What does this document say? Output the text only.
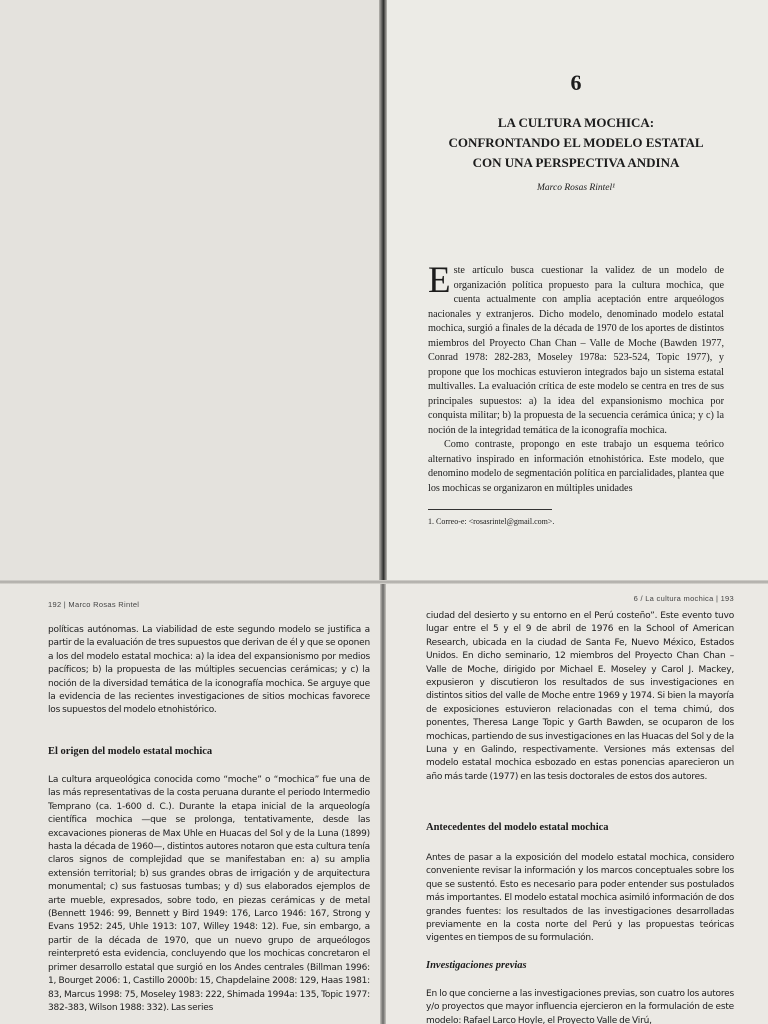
6
LA CULTURA MOCHICA:
CONFRONTANDO EL MODELO ESTATAL
CON UNA PERSPECTIVA ANDINA
Marco Rosas Rintel¹

Este artículo busca cuestionar la validez de un modelo de organización política propuesto para la cultura mochica, que cuenta actualmente con amplia aceptación entre arqueólogos nacionales y extranjeros. Dicho modelo, denominado modelo estatal mochica, surgió a finales de la década de 1970 de los aportes de distintos miembros del Proyecto Chan Chan – Valle de Moche (Bawden 1977, Conrad 1978: 282-283, Moseley 1978a: 523-524, Topic 1977), y propone que los mochicas estuvieron integrados bajo un sistema estatal multivalles. La evaluación crítica de este modelo se centra en tres de sus principales supuestos: a) la idea del expansionismo mochica por conquista militar; b) la propuesta de la secuencia cerámica única; y c) la noción de la integridad temática de la iconografía mochica.

Como contraste, propongo en este trabajo un esquema teórico alternativo inspirado en información etnohistórica. Este modelo, que denomino modelo de segmentación política en parcialidades, plantea que los mochicas se organizaron en múltiples unidades

1. Correo-e: <rosasrintel@gmail.com>.
192 | Marco Rosas Rintel
políticas autónomas. La viabilidad de este segundo modelo se justifica a partir de la evaluación de tres supuestos que derivan de él y que se oponen a los del modelo estatal mochica: a) la idea del expansionismo por medios pacíficos; b) la propuesta de las múltiples secuencias cerámicas; y c) la noción de la diversidad temática de la iconografía mochica. Se arguye que la evidencia de las recientes investigaciones de sitios mochicas favorece los supuestos del modelo etnohistórico.
El origen del modelo estatal mochica
La cultura arqueológica conocida como “moche” o “mochica” fue una de las más representativas de la costa peruana durante el periodo Intermedio Temprano (ca. 1-600 d. C.). Durante la etapa inicial de la arqueología científica mochica —que se prolonga, tentativamente, desde las excavaciones pioneras de Max Uhle en Huacas del Sol y de la Luna (1899) hasta la década de 1960—, distintos autores notaron que esta cultura tenía claros signos de complejidad que se manifestaban en: a) su amplia extensión territorial; b) sus grandes obras de irrigación y de arquitectura monumental; c) sus fastuosas tumbas; y d) sus elaborados ejemplos de arte mueble, expresados, sobre todo, en piezas cerámicas y de metal (Bennett 1946: 99, Bennett y Bird 1949: 176, Larco 1946: 167, Strong y Evans 1952: 245, Uhle 1913: 107, Willey 1948: 12). Fue, sin embargo, a partir de la década de 1970, que un nuevo grupo de arqueólogos reinterpretó esta evidencia, concluyendo que los mochicas concretaron el primer desarrollo estatal que surgió en los Andes centrales (Billman 1996: 1, Bourget 2006: 1, Castillo 2000b: 15, Chapdelaine 2008: 129, Haas 1981: 83, Marcus 1998: 75, Moseley 1983: 222, Shimada 1994a: 135, Topic 1977: 382-383, Wilson 1988: 332). Las series
6 / La cultura mochica | 193
ciudad del desierto y su entorno en el Perú costeño”. Este evento tuvo lugar entre el 5 y el 9 de abril de 1976 en la School of American Research, ubicada en la ciudad de Santa Fe, Nuevo México, Estados Unidos. En dicho seminario, 12 miembros del Proyecto Chan Chan – Valle de Moche, dirigido por Michael E. Moseley y Carol J. Mackey, expusieron y discutieron los resultados de sus investigaciones en distintos sitios del valle de Moche entre 1969 y 1974. Si bien la mayoría de exposiciones estuvieron relacionadas con el tema chimú, dos ponentes, Theresa Lange Topic y Garth Bawden, se ocuparon de los mochicas, partiendo de sus investigaciones en las Huacas del Sol y de la Luna y en Galindo, respectivamente. Versiones más extensas del modelo estatal mochica esbozado en estas ponencias aparecieron un año más tarde (1977) en las tesis doctorales de estos dos autores.
Antecedentes del modelo estatal mochica
Antes de pasar a la exposición del modelo estatal mochica, considero conveniente revisar la información y los marcos conceptuales sobre los que se sustentó. Esto es necesario para poder entender sus postulados más importantes. El modelo estatal mochica asimiló información de dos grandes fuentes: los resultados de las investigaciones desarrolladas previamente en la costa norte del Perú y las propuestas teóricas vigentes en tiempos de su formulación.
Investigaciones previas
En lo que concierne a las investigaciones previas, son cuatro los autores y/o proyectos que mayor influencia ejercieron en la formulación de este modelo: Rafael Larco Hoyle, el Proyecto Valle de Virú,
